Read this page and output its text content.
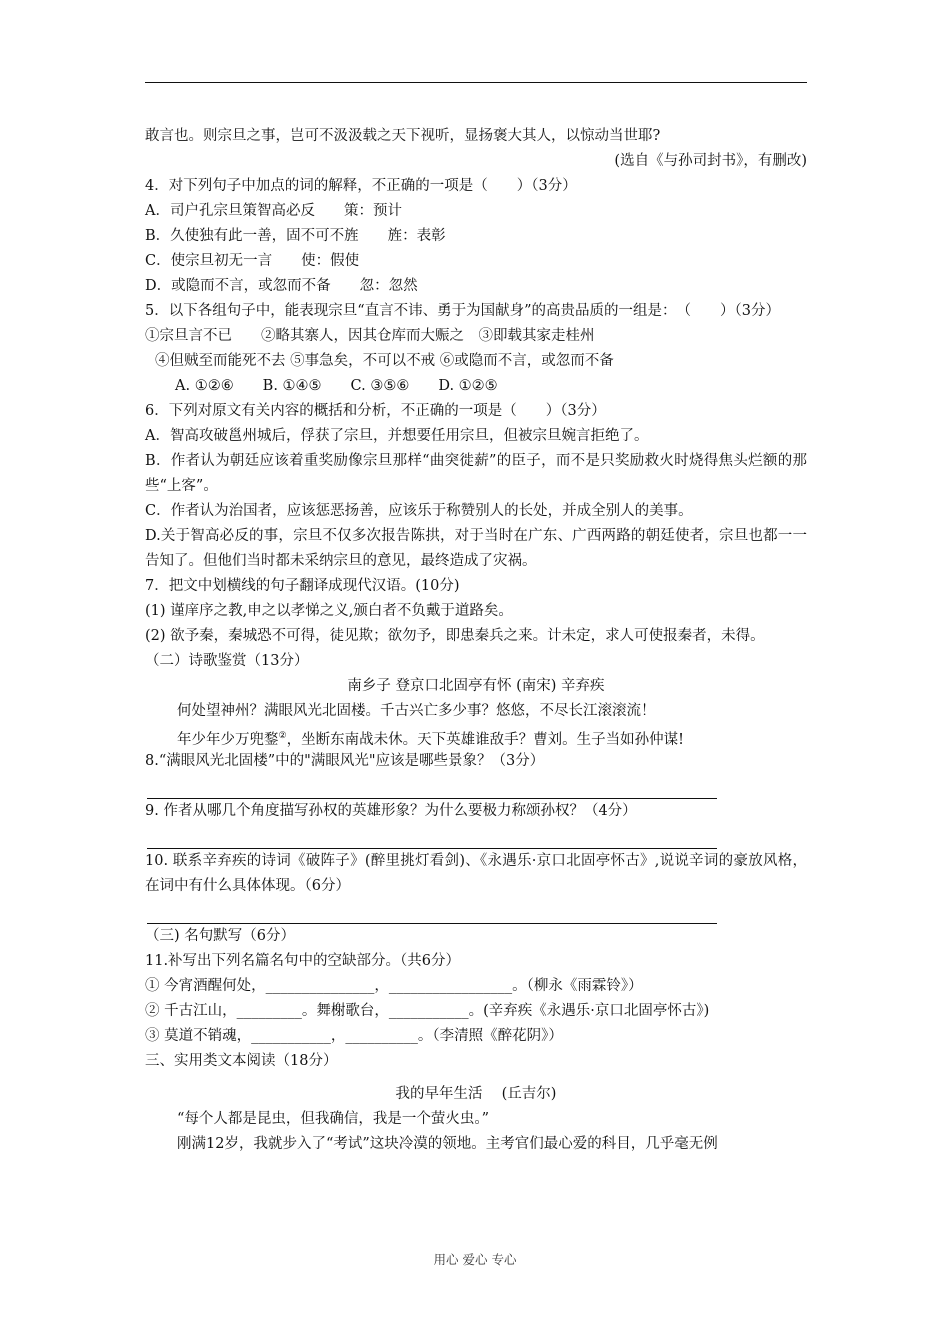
敢言也。则宗旦之事，岂可不汲汲载之天下视听，显扬褒大其人，以惊动当世耶?
(选自《与孙司封书》，有删改)
4．对下列句子中加点的词的解释，不正确的一项是（　　）（3分）
A．司户孔宗旦策智高必反　　策：预计
B．久使独有此一善，固不可不旌　　旌：表彰
C．使宗旦初无一言　　使：假使
D．或隐而不言，或忽而不备　　忽：忽然
5．以下各组句子中，能表现宗旦“直言不讳、勇于为国献身”的高贵品质的一组是：　（　　）（3分）
①宗旦言不已　　②略其寨人，因其仓库而大赈之　③即载其家走桂州
④但贼至而能死不去 ⑤事急矣，不可以不戒 ⑥或隐而不言，或忽而不备
A. ①②⑥　　B. ①④⑤　　C. ③⑤⑥　　D. ①②⑤
6．下列对原文有关内容的概括和分析，不正确的一项是（　　）（3分）
A．智高攻破邕州城后，俘获了宗旦，并想要任用宗旦，但被宗旦婉言拒绝了。
B．作者认为朝廷应该着重奖励像宗旦那样“曲突徙薪”的臣子，而不是只奖励救火时烧得焦头烂额的那些“上客”。
C．作者认为治国者，应该惩恶扬善，应该乐于称赞别人的长处，并成全别人的美事。
D.关于智高必反的事，宗旦不仅多次报告陈拱，对于当时在广东、广西两路的朝廷使者，宗旦也都一一告知了。但他们当时都未采纳宗旦的意见，最终造成了灾祸。
7．把文中划横线的句子翻译成现代汉语。(10分)
(1) 谨庠序之教,申之以孝悌之义,颁白者不负戴于道路矣。
(2) 欲予秦，秦城恐不可得，徒见欺；欲勿予，即患秦兵之来。计未定，求人可使报秦者，未得。
（二）诗歌鉴赏（13分）
南乡子 登京口北固亭有怀 (南宋) 辛弃疾
何处望神州？满眼风光北固楼。千古兴亡多少事？悠悠，不尽长江滚滚流！
年少年少万兜鍪②，坐断东南战未休。天下英雄谁敌手？曹刘。生子当如孙仲谋!
8.“满眼风光北固楼”中的"满眼风光"应该是哪些景象？（3分）
9. 作者从哪几个角度描写孙权的英雄形象？为什么要极力称颂孙权？（4分）
10. 联系辛弃疾的诗词《破阵子》(醉里挑灯看剑)、《永遇乐·京口北固亭怀古》,说说辛词的豪放风格，在词中有什么具体体现。（6分）
（三) 名句默写（6分）
11.补写出下列名篇名句中的空缺部分。（共6分）
① 今宵酒醒何处，_______________，_________________。（柳永《雨霖铃》）
② 千古江山，_________。舞榭歌台，___________。(辛弃疾《永遇乐·京口北固亭怀古》)
③ 莫道不销魂，___________，__________。（李清照《醉花阴》）
三、实用类文本阅读（18分）
我的早年生活　 (丘吉尔)
“每个人都是昆虫，但我确信，我是一个萤火虫。”
刚满12岁，我就步入了“考试”这块冷漠的领地。主考官们最心爱的科目，几乎毫无例
用心 爱心 专心
